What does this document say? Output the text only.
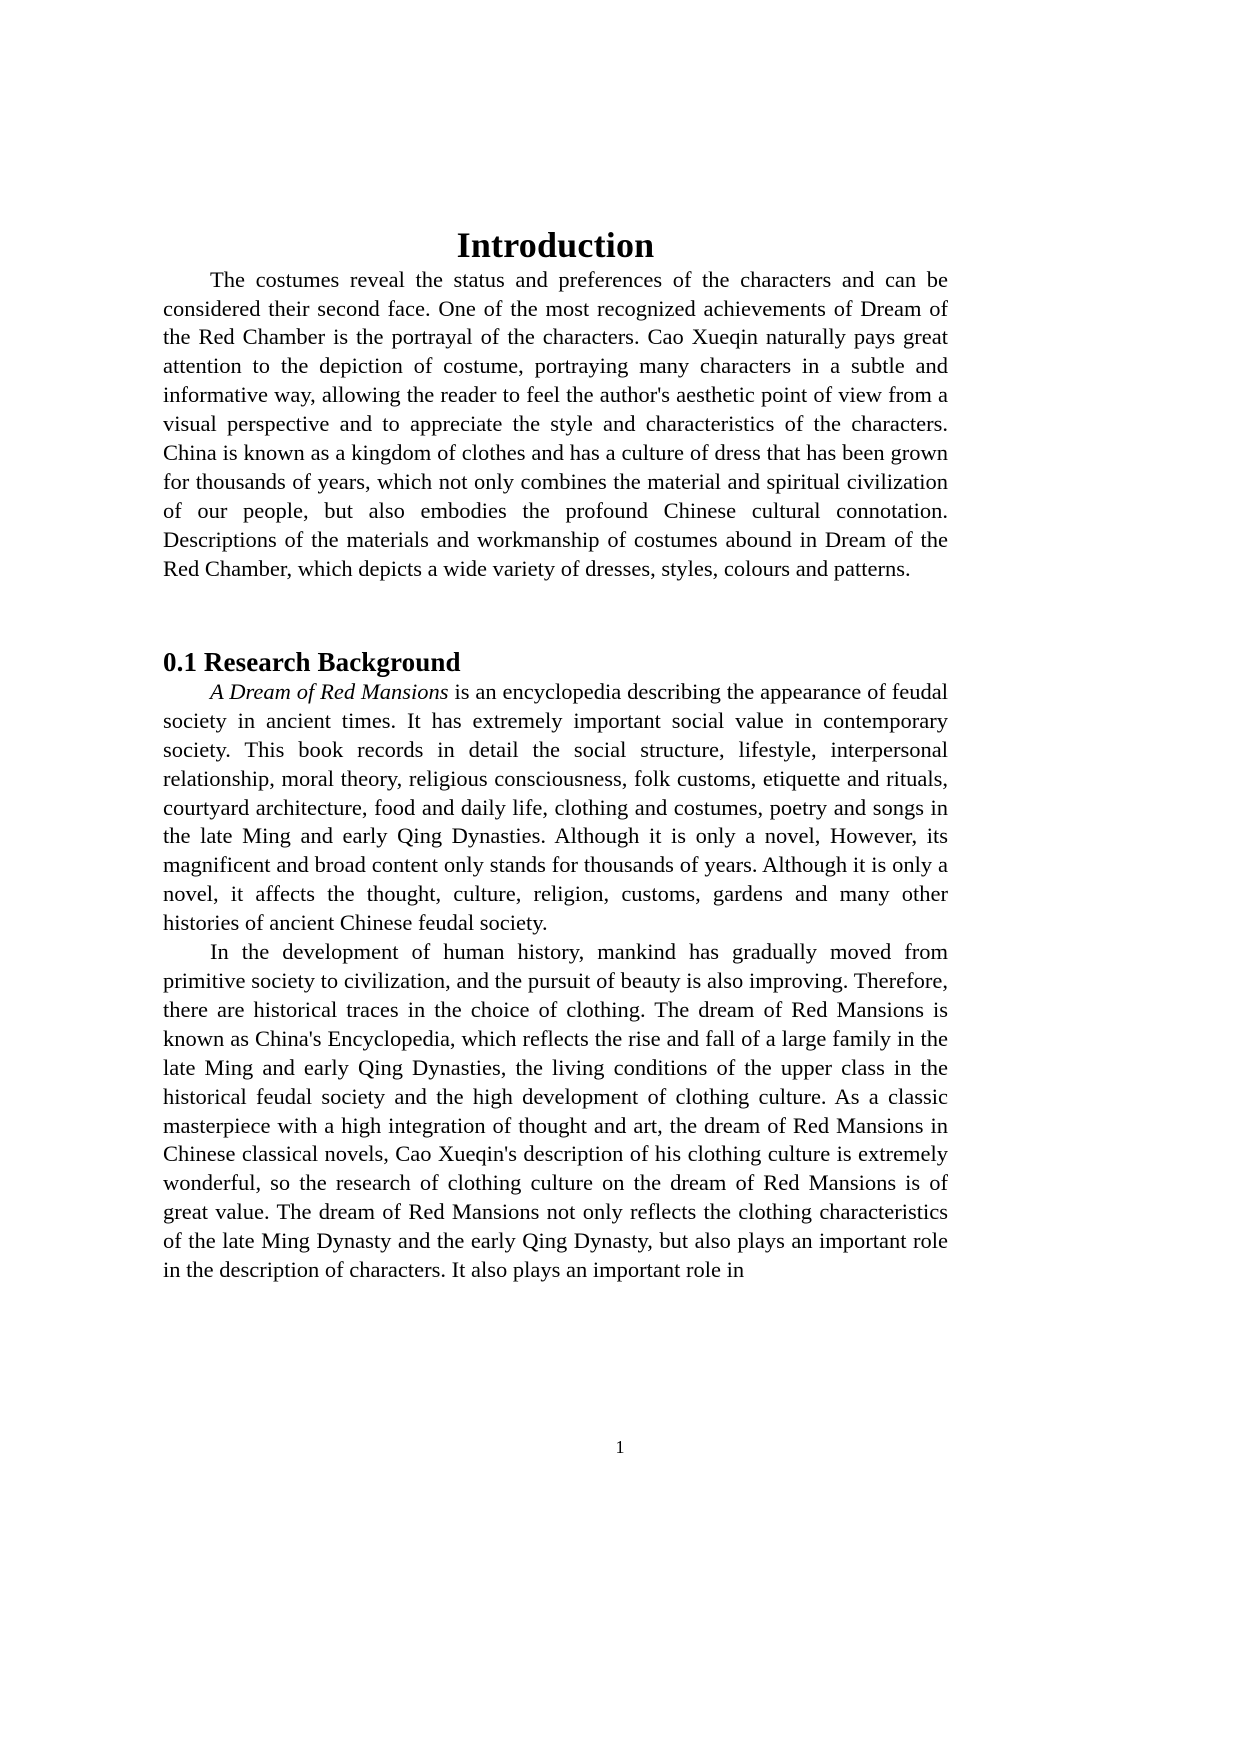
Introduction

The costumes reveal the status and preferences of the characters and can be considered their second face. One of the most recognized achievements of Dream of the Red Chamber is the portrayal of the characters. Cao Xueqin naturally pays great attention to the depiction of costume, portraying many characters in a subtle and informative way, allowing the reader to feel the author's aesthetic point of view from a visual perspective and to appreciate the style and characteristics of the characters. China is known as a kingdom of clothes and has a culture of dress that has been grown for thousands of years, which not only combines the material and spiritual civilization of our people, but also embodies the profound Chinese cultural connotation. Descriptions of the materials and workmanship of costumes abound in Dream of the Red Chamber, which depicts a wide variety of dresses, styles, colours and patterns.

0.1 Research Background

A Dream of Red Mansions is an encyclopedia describing the appearance of feudal society in ancient times. It has extremely important social value in contemporary society. This book records in detail the social structure, lifestyle, interpersonal relationship, moral theory, religious consciousness, folk customs, etiquette and rituals, courtyard architecture, food and daily life, clothing and costumes, poetry and songs in the late Ming and early Qing Dynasties. Although it is only a novel, However, its magnificent and broad content only stands for thousands of years. Although it is only a novel, it affects the thought, culture, religion, customs, gardens and many other histories of ancient Chinese feudal society.

In the development of human history, mankind has gradually moved from primitive society to civilization, and the pursuit of beauty is also improving. Therefore, there are historical traces in the choice of clothing. The dream of Red Mansions is known as China's Encyclopedia, which reflects the rise and fall of a large family in the late Ming and early Qing Dynasties, the living conditions of the upper class in the historical feudal society and the high development of clothing culture. As a classic masterpiece with a high integration of thought and art, the dream of Red Mansions in Chinese classical novels, Cao Xueqin's description of his clothing culture is extremely wonderful, so the research of clothing culture on the dream of Red Mansions is of great value. The dream of Red Mansions not only reflects the clothing characteristics of the late Ming Dynasty and the early Qing Dynasty, but also plays an important role in the description of characters. It also plays an important role in

1
